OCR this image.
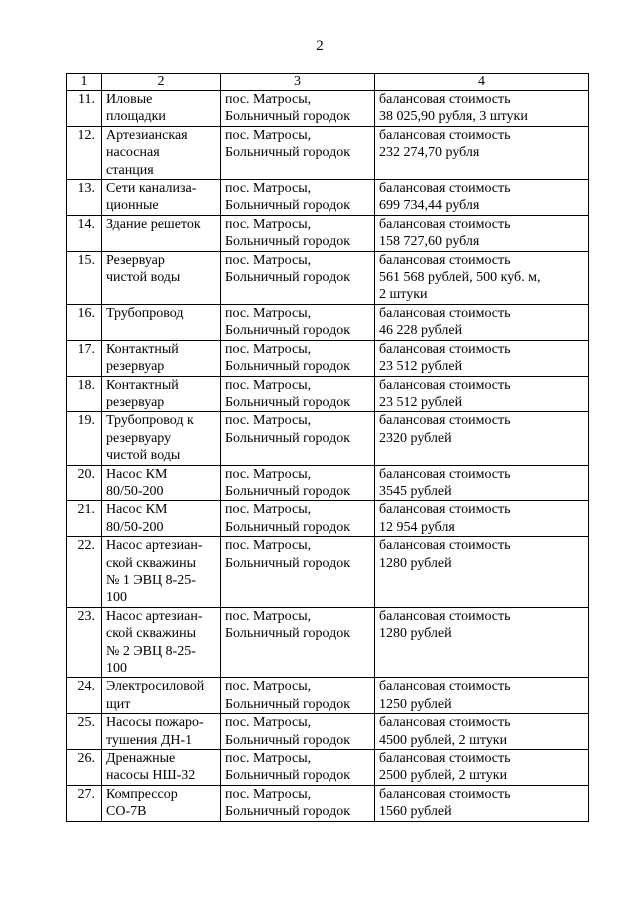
2
1	2	3	4
11.	Иловые
площадки	пос. Матросы,
Больничный городок	балансовая стоимость
38 025,90 рубля, 3 штуки

12.	Артезианская
насосная
станция	пос. Матросы,
Больничный городок	балансовая стоимость
232 274,70 рубля

13.	Сети канализа-
ционные	пос. Матросы,
Больничный городок	балансовая стоимость
699 734,44 рубля

14.	Здание решеток	пос. Матросы,
Больничный городок	балансовая стоимость
158 727,60 рубля

15.	Резервуар
чистой воды	пос. Матросы,
Больничный городок	балансовая стоимость
561 568 рублей, 500 куб. м,
2 штуки

16.	Трубопровод	пос. Матросы,
Больничный городок	балансовая стоимость
46 228 рублей

17.	Контактный
резервуар	пос. Матросы,
Больничный городок	балансовая стоимость
23 512 рублей

18.	Контактный
резервуар	пос. Матросы,
Больничный городок	балансовая стоимость
23 512 рублей

19.	Трубопровод к
резервуару
чистой воды	пос. Матросы,
Больничный городок	балансовая стоимость
2320 рублей

20.	Насос КМ
80/50-200	пос. Матросы,
Больничный городок	балансовая стоимость
3545 рублей

21.	Насос КМ
80/50-200	пос. Матросы,
Больничный городок	балансовая стоимость
12 954 рубля

22.	Насос артезиан-
ской скважины
№ 1 ЭВЦ 8-25-
100	пос. Матросы,
Больничный городок	балансовая стоимость
1280 рублей

23.	Насос артезиан-
ской скважины
№ 2 ЭВЦ 8-25-
100	пос. Матросы,
Больничный городок	балансовая стоимость
1280 рублей

24.	Электросиловой
щит	пос. Матросы,
Больничный городок	балансовая стоимость
1250 рублей

25.	Насосы пожаро-
тушения ДН-1	пос. Матросы,
Больничный городок	балансовая стоимость
4500 рублей, 2 штуки

26.	Дренажные
насосы НШ-32	пос. Матросы,
Больничный городок	балансовая стоимость
2500 рублей, 2 штуки

27.	Компрессор
СО-7В	пос. Матросы,
Больничный городок	балансовая стоимость
1560 рублей
